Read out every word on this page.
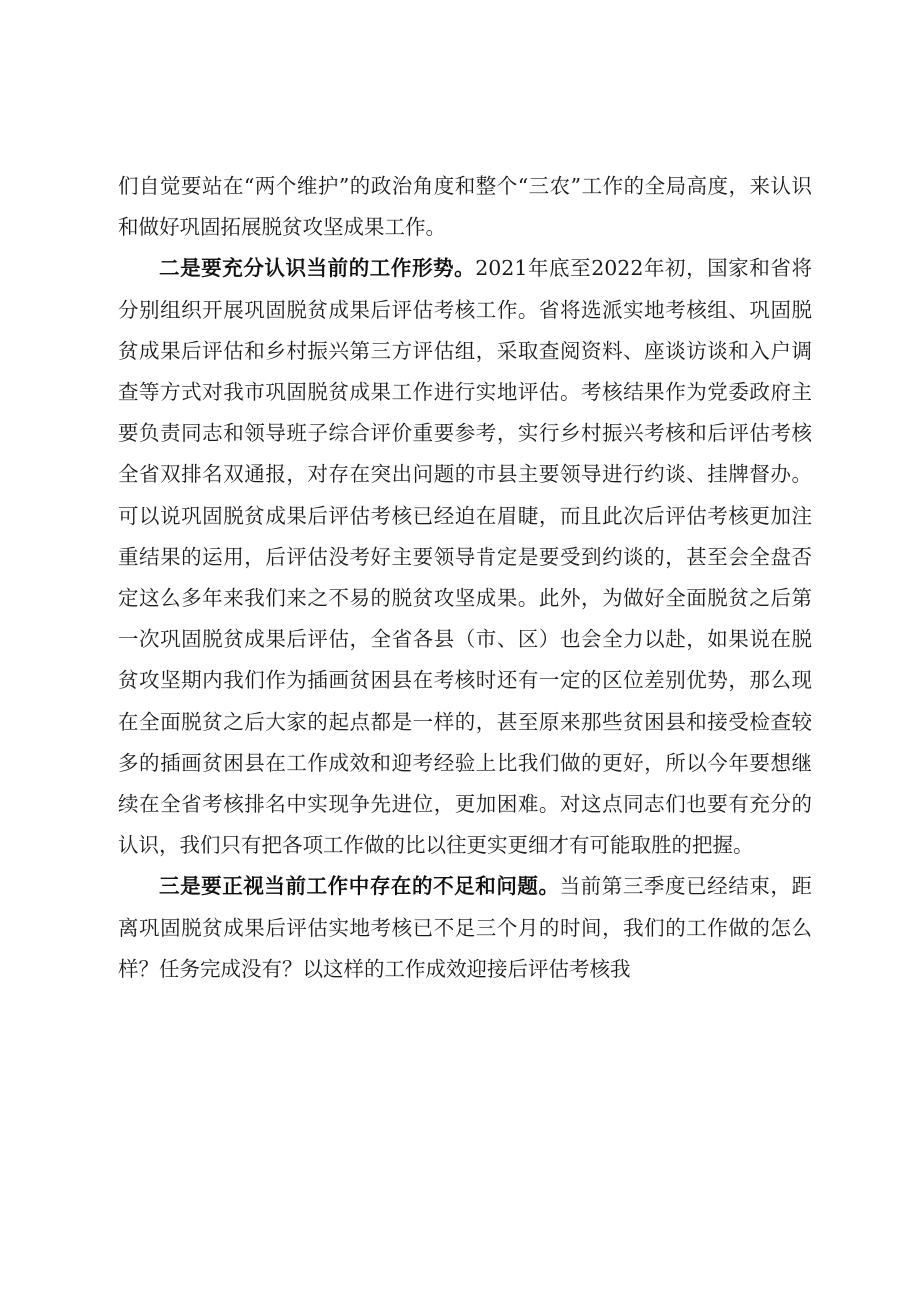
们自觉要站在“两个维护”的政治角度和整个“三农”工作的全局高度，来认识和做好巩固拓展脱贫攻坚成果工作。

二是要充分认识当前的工作形势。2021年底至2022年初，国家和省将分别组织开展巩固脱贫成果后评估考核工作。省将选派实地考核组、巩固脱贫成果后评估和乡村振兴第三方评估组，采取查阅资料、座谈访谈和入户调查等方式对我市巩固脱贫成果工作进行实地评估。考核结果作为党委政府主要负责同志和领导班子综合评价重要参考，实行乡村振兴考核和后评估考核全省双排名双通报，对存在突出问题的市县主要领导进行约谈、挂牌督办。可以说巩固脱贫成果后评估考核已经迫在眉睫，而且此次后评估考核更加注重结果的运用，后评估没考好主要领导肯定是要受到约谈的，甚至会全盘否定这么多年来我们来之不易的脱贫攻坚成果。此外，为做好全面脱贫之后第一次巩固脱贫成果后评估，全省各县（市、区）也会全力以赴，如果说在脱贫攻坚期内我们作为插画贫困县在考核时还有一定的区位差别优势，那么现在全面脱贫之后大家的起点都是一样的，甚至原来那些贫困县和接受检查较多的插画贫困县在工作成效和迎考经验上比我们做的更好，所以今年要想继续在全省考核排名中实现争先进位，更加困难。对这点同志们也要有充分的认识，我们只有把各项工作做的比以往更实更细才有可能取胜的把握。

三是要正视当前工作中存在的不足和问题。当前第三季度已经结束，距离巩固脱贫成果后评估实地考核已不足三个月的时间，我们的工作做的怎么样？任务完成没有？以这样的工作成效迎接后评估考核我
